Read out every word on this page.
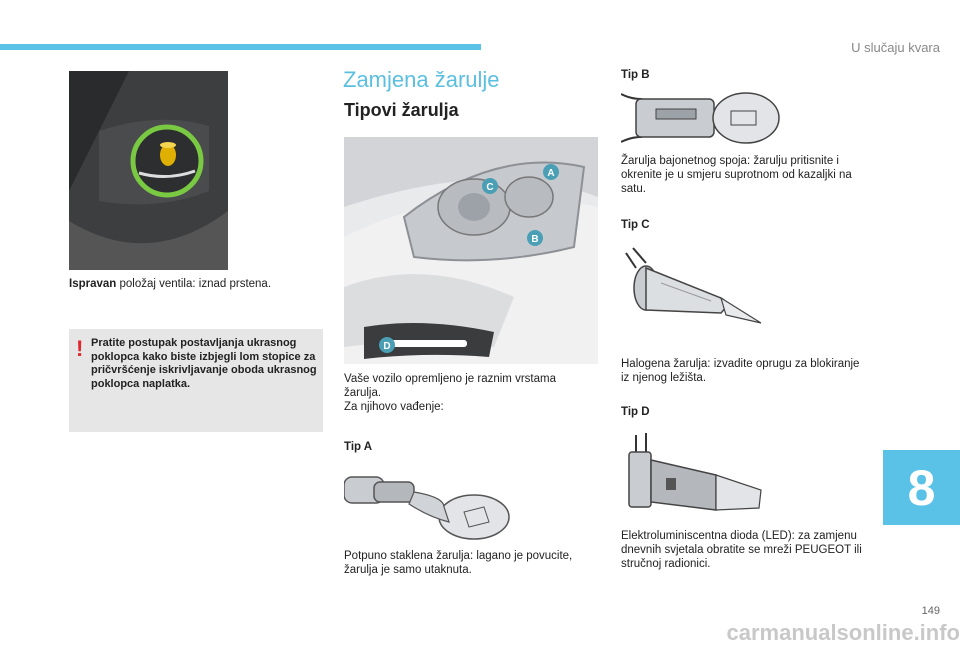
U slučaju kvara
Ispravan položaj ventila: iznad prstena.
! Pratite postupak postavljanja ukrasnog poklopca kako biste izbjegli lom stopice za pričvršćenje iskrivljavanje oboda ukrasnog poklopca naplatka.
Zamjena žarulje
Tipovi žarulja
A
B
C
D
Vaše vozilo opremljeno je raznim vrstama
žarulja.
Za njihovo vađenje:
Tip A
Potpuno staklena žarulja: lagano je povucite,
žarulja je samo utaknuta.
Tip B
Žarulja bajonetnog spoja: žarulju pritisnite i
okrenite je u smjeru suprotnom od kazaljki na
satu.
Tip C
Halogena žarulja: izvadite oprugu za blokiranje
iz njenog ležišta.
Tip D
Elektroluminiscentna dioda (LED): za zamjenu
dnevnih svjetala obratite se mreži PEUGEOT ili
stručnoj radionici.
8
149
carmanualsonline.info
